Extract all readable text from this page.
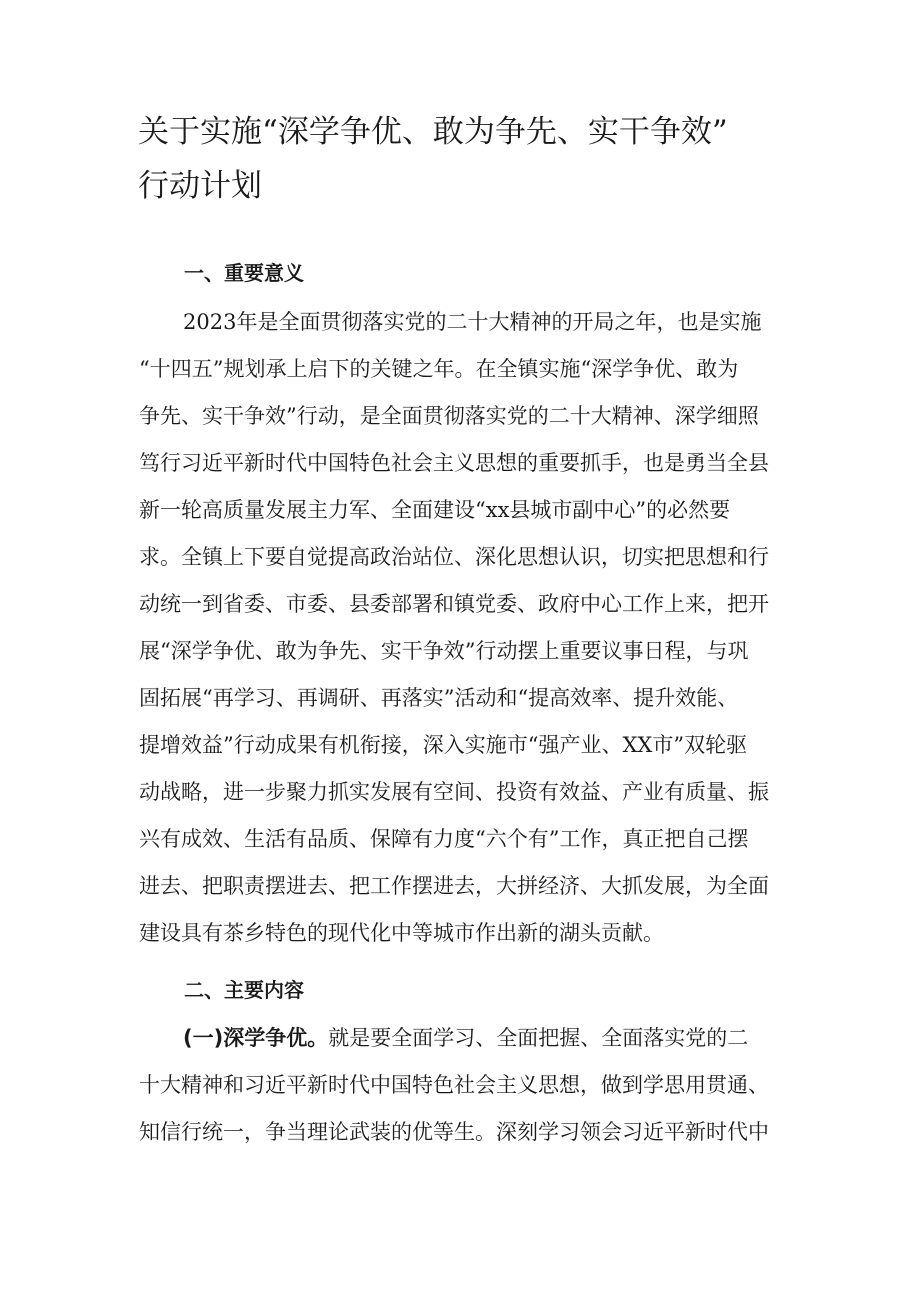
关于实施“深学争优、敢为争先、实干争效”
行动计划
一、重要意义
2023年是全面贯彻落实党的二十大精神的开局之年，也是实施
“十四五”规划承上启下的关键之年。在全镇实施“深学争优、敢为
争先、实干争效”行动，是全面贯彻落实党的二十大精神、深学细照
笃行习近平新时代中国特色社会主义思想的重要抓手，也是勇当全县
新一轮高质量发展主力军、全面建设“xx县城市副中心”的必然要
求。全镇上下要自觉提高政治站位、深化思想认识，切实把思想和行
动统一到省委、市委、县委部署和镇党委、政府中心工作上来，把开
展“深学争优、敢为争先、实干争效”行动摆上重要议事日程，与巩
固拓展“再学习、再调研、再落实”活动和“提高效率、提升效能、
提增效益”行动成果有机衔接，深入实施市“强产业、XX市”双轮驱
动战略，进一步聚力抓实发展有空间、投资有效益、产业有质量、振
兴有成效、生活有品质、保障有力度“六个有”工作，真正把自己摆
进去、把职责摆进去、把工作摆进去，大拼经济、大抓发展，为全面
建设具有茶乡特色的现代化中等城市作出新的湖头贡献。
二、主要内容
(一)深学争优。就是要全面学习、全面把握、全面落实党的二
十大精神和习近平新时代中国特色社会主义思想，做到学思用贯通、
知信行统一，争当理论武装的优等生。深刻学习领会习近平新时代中
